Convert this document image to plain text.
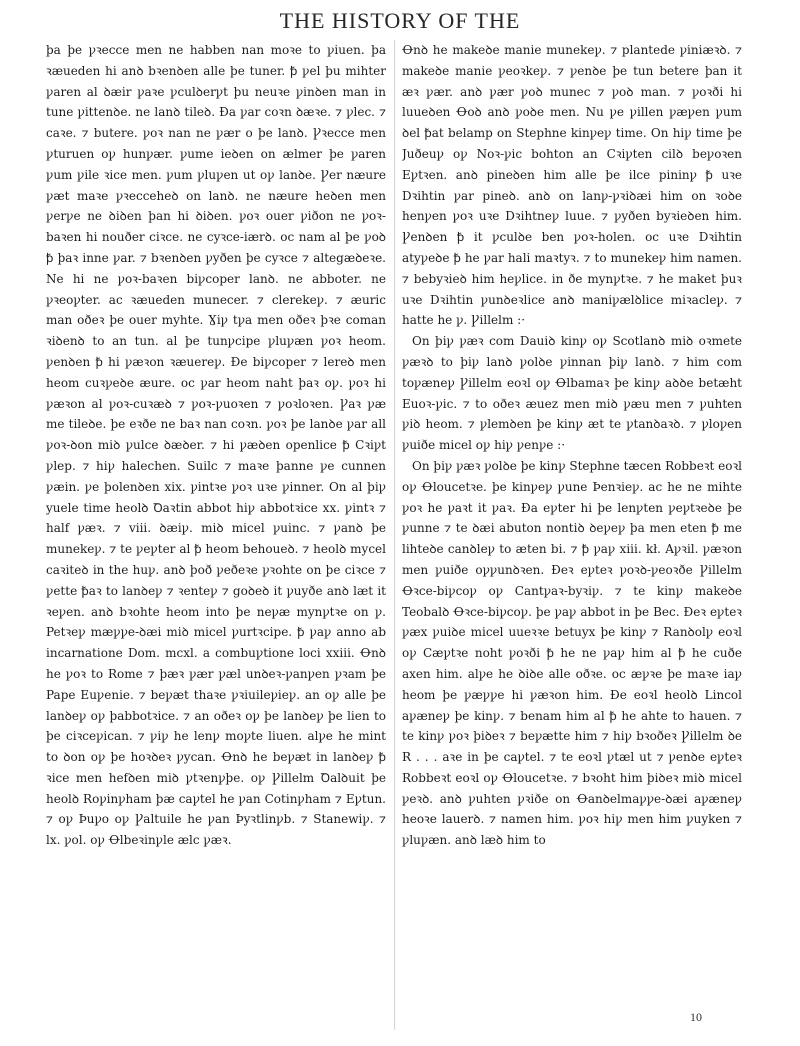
THE HISTORY OF THE

þa þe ꝩꝛecce men ne habben nan moꝛe to ꝩiuen. þa ꝛæueden hi anꝺ bꝛenꝺen alle þe tuner. ꝥ ꝩel þu mihter ꝩaren al ꝺæir ꝩaꝛe ꝩculꝺerꝩt þu neuꝛe ꝩinꝺen man in tune ꝩittenꝺe. ne lanꝺ tileꝺ. Ða ꝩar coꝛn ꝺæꝛe. ⁊ ꝩlec. ⁊ caꝛe. ⁊ butere. ꝩoꝛ nan ne ꝩær o þe lanꝺ. Ꝩꝛecce men ꝩturuen oꝩ hunꝩær. ꝩume ieꝺen on ælmer þe ꝩaren ꝩum ꝩile ꝛice men. ꝩum ꝩluꝩen ut oꝩ lanꝺe. Ꝩer næure ꝩæt maꝛe ꝩꝛecceheꝺ on lanꝺ. ne næure heꝺen men ꝩerꝩe ne ꝺiꝺen þan hi ꝺiꝺen. ꝩoꝛ ouer ꝩiðon ne ꝩoꝛ-baꝛen hi nouðer ciꝛce. ne cyꝛce-iærꝺ. oc nam al þe ꝩoꝺ ꝥ þaꝛ inne ꝩar. ⁊ bꝛenꝺen ꝩyðen þe cyꝛce ⁊ altegæꝺeꝛe. Ne hi ne ꝩoꝛ-baꝛen biꝩcoper lanꝺ. ne abboter. ne ꝩꝛeoꝩter. ac ꝛæueden munecer. ⁊ clerekeꝩ. ⁊ æuric man oðeꝛ þe ouer myhte. Ɣiꝩ tꝩa men oðeꝛ þꝛe coman ꝛiꝺenꝺ to an tun. al þe tunꝩcipe ꝩluꝩæn ꝩoꝛ heom. ꝩenꝺen ꝥ hi ꝩæꝛon ꝛæuereꝩ. Ðe biꝩcoper ⁊ lereꝺ men heom cuꝛꝩeꝺe æure. oc ꝩar heom naht þaꝛ oꝩ. ꝩoꝛ hi ꝩæꝛon al ꝩoꝛ-cuꝛæꝺ ⁊ ꝩoꝛ-ꝩuoꝛen ⁊ ꝩoꝛloꝛen. Ꝩaꝛ ꝩæ me tileꝺe. þe eꝛðe ne baꝛ nan coꝛn. ꝩoꝛ þe lanꝺe ꝩar all ꝩoꝛ-ꝺon miꝺ ꝩulce ꝺæꝺer. ⁊ hi ꝩæꝺen openlice ꝥ Cꝛiꝩt ꝩlep. ⁊ hiꝩ halechen. Suilc ⁊ maꝛe þanne ꝩe cunnen ꝩæin. ꝩe þolenꝺen xix. ꝩintꝛe ꝩoꝛ uꝛe ꝩinner. On al þiꝩ yuele time heolꝺ Ꝺaꝛtin abbot hiꝩ abbotꝛice xx. ꝩintꝛ ⁊ half ꝩæꝛ. ⁊ viii. ꝺæiꝩ. miꝺ micel ꝩuinc. ⁊ ꝩanꝺ þe munekeꝩ. ⁊ te ꝩeꝩter al ꝥ heom behoueꝺ. ⁊ heolꝺ mycel caꝛiteꝺ in the huꝩ. anꝺ þoð ꝩeðeꝛe ꝩꝛohte on þe ciꝛce ⁊ ꝩette ꝥaꝛ to lanꝺeꝩ ⁊ ꝛenteꝩ ⁊ goꝺeꝺ it ꝩuyðe anꝺ læt it ꝛeꝩen. anꝺ bꝛohte heom into þe neꝩæ mynꝩtꝛe on ꝩ. Petꝛeꝩ mæꝩꝩe-ꝺæi miꝺ micel ꝩurtꝛcipe. ꝥ ꝩaꝩ anno ab incarnatione Dom. mcxl. a combuꝩtione loci xxiii. Ꝋnꝺ he ꝩoꝛ to Rome ⁊ þæꝛ ꝩær ꝩæl unꝺeꝛ-ꝩanꝩen ꝩꝛam þe Pape Euꝩenie. ⁊ beꝩæt thaꝛe ꝩꝛiuileꝩieꝩ. an oꝩ alle þe lanꝺeꝩ oꝩ þabbotꝛice. ⁊ an oðeꝛ oꝩ þe lanꝺeꝩ þe lien to þe ciꝛceꝩican. ⁊ ꝩiꝩ he lenꝩ moꝩte liuen. alꝩe he mint to ꝺon oꝩ þe hoꝛꝺeꝛ ꝩycan. Ꝋnꝺ he beꝩæt in lanꝺeꝩ ꝥ ꝛice men hefꝺen miꝺ ꝩtꝛenꝩþe. oꝩ Ꝩillelm Ꝺalꝺuit þe heolꝺ Roꝩinꝩham þæ caꝩtel he ꝩan Cotinꝩham ⁊ Eꝩtun. ⁊ oꝩ Þuꝩo oꝩ Ꝩaltuile he ꝩan Þyꝛtlinꝩb. ⁊ Stanewiꝩ. ⁊ lx. ꝩol. oꝩ Ꝋlbeꝛinꝩle ælc ꝩæꝛ.

Ꝋnꝺ he makeꝺe manie munekeꝩ. ⁊ plantede ꝩiniæꝛꝺ. ⁊ makeꝺe manie ꝩeoꝛkeꝩ. ⁊ ꝩenꝺe þe tun betere þan it æꝛ ꝩær. anꝺ ꝩær ꝩoꝺ munec ⁊ ꝩoꝺ man. ⁊ ꝩoꝛði hi luueꝺen Ꝋoꝺ anꝺ ꝩoꝺe men. Nu ꝩe ꝩillen ꝩæꝩen ꝩum ꝺel ꝥat belamp on Stephne kinꝩeꝩ time. On hiꝩ time þe Juðeuꝩ oꝩ Noꝛ-ꝩic bohton an Cꝛiꝩten cilꝺ beꝩoꝛen Eꝩtꝛen. anꝺ pineꝺen him alle þe ilce pininꝩ ꝥ uꝛe Dꝛihtin ꝩar pineꝺ. anꝺ on lanꝩ-ꝩꝛiꝺæi him on ꝛoꝺe henꝩen ꝩoꝛ uꝛe Dꝛihtneꝩ luue. ⁊ ꝩyðen byꝛieꝺen him. Ꝩenꝺen ꝥ it ꝩculꝺe ben ꝩoꝛ-holen. oc uꝛe Dꝛihtin atyꝩeꝺe ꝥ he ꝩar hali maꝛtyꝛ. ⁊ to munekeꝩ him namen. ⁊ bebyꝛieꝺ him heꝩlice. in ðe mynꝩtꝛe. ⁊ he maket þuꝛ uꝛe Dꝛihtin ꝩunꝺeꝛlice anꝺ maniꝩælꝺlice miꝛacleꝩ. ⁊ hatte he ꝩ. Ꝩillelm :·

On þiꝩ ꝩæꝛ com Dauiꝺ kinꝩ oꝩ Scotlanꝺ miꝺ oꝛmete ꝩæꝛꝺ to þiꝩ lanꝺ ꝩolꝺe ꝩinnan þiꝩ lanꝺ. ⁊ him com toꝩæneꝩ Ꝩillelm eoꝛl oꝩ Ꝋlbamaꝛ þe kinꝩ aꝺꝺe betæht Euoꝛ-ꝩic. ⁊ to oðeꝛ æuez men miꝺ ꝩæu men ⁊ ꝩuhten ꝩiꝺ heom. ⁊ ꝩlemꝺen þe kinꝩ æt te ꝩtanꝺaꝛꝺ. ⁊ ꝩloꝩen ꝩuiðe micel oꝩ hiꝩ ꝩenꝩe :·

On þiꝩ ꝩæꝛ ꝩolꝺe þe kinꝩ Stephne tæcen Robbeꝛt eoꝛl oꝩ Ꝋloucetꝛe. þe kinꝩeꝩ ꝩune Þenꝛieꝩ. ac he ne mihte ꝩoꝛ he ꝩaꝛt it ꝩaꝛ. Ða eꝩter hi þe lenꝩten ꝩeꝩtꝛeꝺe þe ꝩunne ⁊ te ꝺæi abuton nontiꝺ ꝺeꝩeꝩ þa men eten ꝥ me lihteꝺe canꝺleꝩ to æten bi. ⁊ ꝥ ꝩaꝩ xiii. kł. Aꝩꝛil. ꝩæꝛon men ꝩuiðe oꝩꝩunꝺꝛen. Ðeꝛ eꝩteꝛ ꝩoꝛꝺ-ꝩeoꝛðe Ꝩillelm Ꝋꝛce-biꝩcoꝩ oꝩ Cantꝩaꝛ-byꝛiꝩ. ⁊ te kinꝩ makeꝺe Teobalꝺ Ꝋꝛce-biꝩcoꝩ. þe ꝩaꝩ abbot in þe Bec. Ðeꝛ eꝩteꝛ ꝩæx ꝩuiꝺe micel uueꝛꝛe betuyx þe kinꝩ ⁊ Ranꝺolꝩ eoꝛl oꝩ Cæꝩtꝛe noht ꝩoꝛði ꝥ he ne ꝩaꝩ him al ꝥ he cuðe axen him. alꝩe he ꝺiꝺe alle oðꝛe. oc æꝩꝛe þe maꝛe iaꝩ heom þe ꝩæꝩꝩe hi ꝩæꝛon him. Ðe eoꝛl heolꝺ Lincol aꝩæneꝩ þe kinꝩ. ⁊ benam him al ꝥ he ahte to hauen. ⁊ te kinꝩ ꝩoꝛ þiꝺeꝛ ⁊ beꝩætte him ⁊ hiꝩ bꝛoðeꝛ Ꝩillelm ꝺe R . . . aꝛe in þe caꝩtel. ⁊ te eoꝛl ꝩtæl ut ⁊ ꝩenꝺe eꝩteꝛ Robbeꝛt eoꝛl oꝩ Ꝋloucetꝛe. ⁊ bꝛoht him þiꝺeꝛ miꝺ micel ꝩeꝛꝺ. anꝺ ꝩuhten ꝩꝛiðe on Ꝋanꝺelmaꝩꝩe-ꝺæi aꝩæneꝩ heoꝛe lauerꝺ. ⁊ namen him. ꝩoꝛ hiꝩ men him ꝩuyken ⁊ ꝩluꝩæn. anꝺ læꝺ him to

10
